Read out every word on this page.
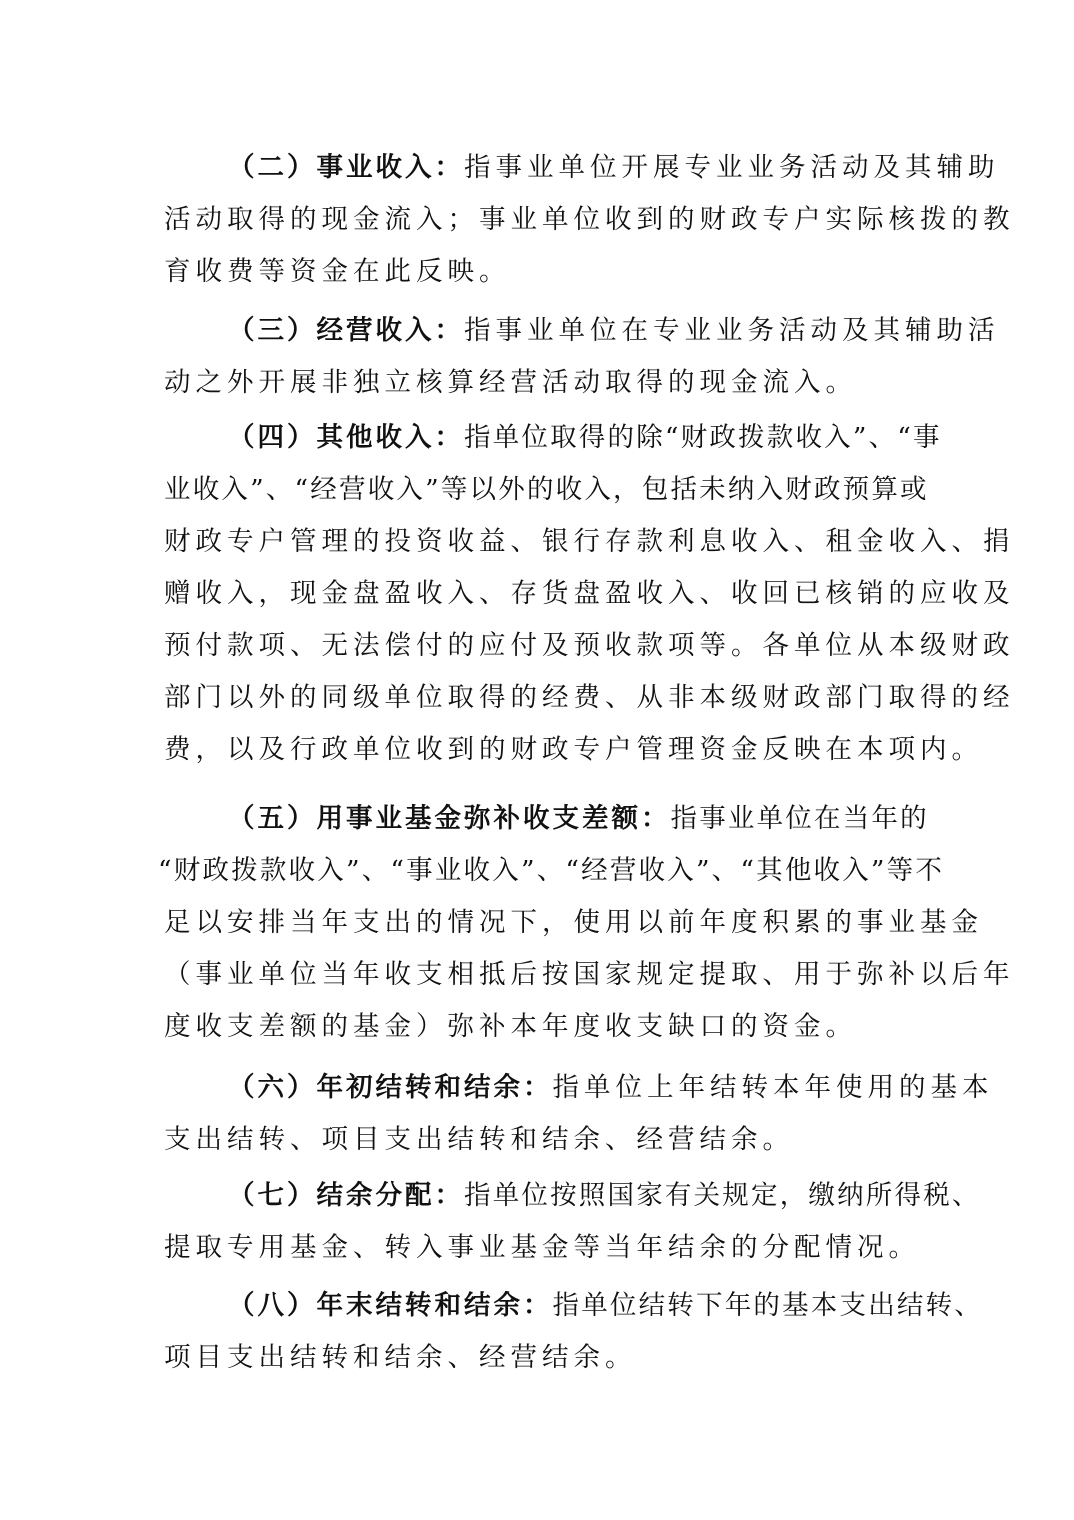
（二）事业收入：指事业单位开展专业业务活动及其辅助
活动取得的现金流入；事业单位收到的财政专户实际核拨的教
育收费等资金在此反映。
（三）经营收入：指事业单位在专业业务活动及其辅助活
动之外开展非独立核算经营活动取得的现金流入。
（四）其他收入：指单位取得的除“财政拨款收入”、“事
业收入”、“经营收入”等以外的收入，包括未纳入财政预算或
财政专户管理的投资收益、银行存款利息收入、租金收入、捐
赠收入，现金盘盈收入、存货盘盈收入、收回已核销的应收及
预付款项、无法偿付的应付及预收款项等。各单位从本级财政
部门以外的同级单位取得的经费、从非本级财政部门取得的经
费，以及行政单位收到的财政专户管理资金反映在本项内。
（五）用事业基金弥补收支差额：指事业单位在当年的
“财政拨款收入”、“事业收入”、“经营收入”、“其他收入”等不
足以安排当年支出的情况下，使用以前年度积累的事业基金
（事业单位当年收支相抵后按国家规定提取、用于弥补以后年
度收支差额的基金）弥补本年度收支缺口的资金。
（六）年初结转和结余：指单位上年结转本年使用的基本
支出结转、项目支出结转和结余、经营结余。
（七）结余分配：指单位按照国家有关规定，缴纳所得税、
提取专用基金、转入事业基金等当年结余的分配情况。
（八）年末结转和结余：指单位结转下年的基本支出结转、
项目支出结转和结余、经营结余。
